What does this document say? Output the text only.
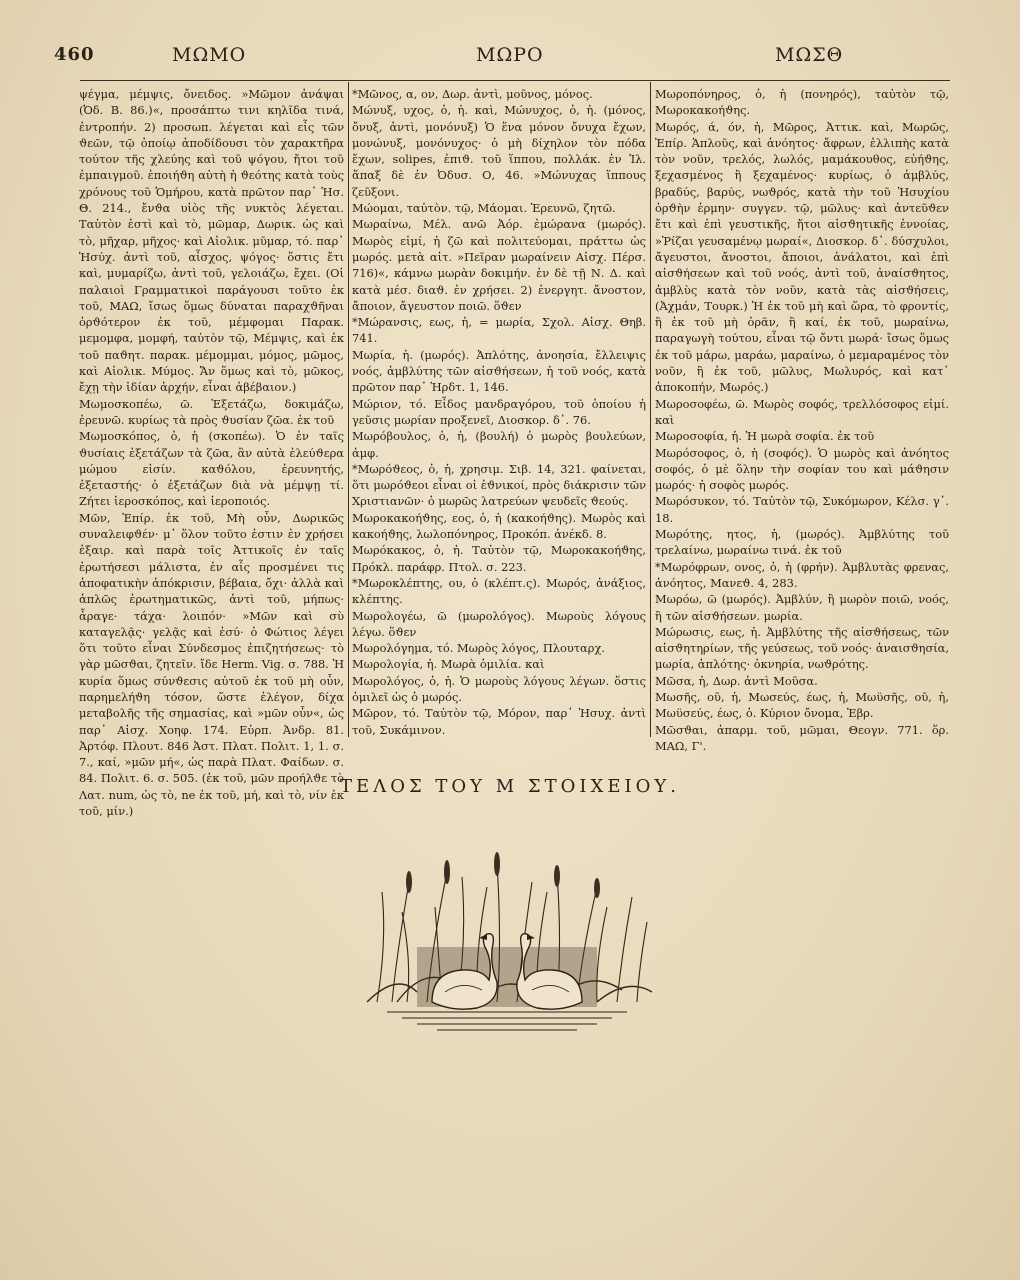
460	ΜΩΜΟ	ΜΩΡΟ	ΜΩΣΘ

ψέγμα, μέμψις, ὄνειδος. »Μῶμον ἀνάψαι (Ὀδ. Β. 86.)«, προσάπτω τινι κηλῖδα τινά, ἐντροπήν. 2) προσωπ. λέγεται καὶ εἷς τῶν ϑεῶν, τῷ ὁποίῳ ἀποδίδουσι τὸν χαρακτῆρα τούτον τῆς χλεύης καὶ τοῦ ψόγου, ἤτοι τοῦ ἐμπαιγμοῦ. ἐποιήϑη αὐτὴ ἡ ϑεότης κατὰ τοὺς χρόνους τοῦ Ὁμήρου, κατὰ πρῶτον παρ᾽ Ἡσ. Θ. 214., ἔνϑα υἱὸς τῆς νυκτὸς λέγεται. Ταὐτὸν ἐστὶ καὶ τὸ, μῶμαρ, Δωρικ. ὡς καὶ τὸ, μῆχαρ, μῆχος· καὶ Αἰολικ. μῦμαρ, τό. παρ᾽ Ἡσύχ. ἀντὶ τοῦ, αἶσχος, ψόγος· ὅστις ἔτι καὶ, μυμαρίζω, ἀντὶ τοῦ, γελοιάζω, ἔχει. (Οἱ παλαιοὶ Γραμματικοὶ παράγουσι τοῦτο ἐκ τοῦ, ΜΑΩ, ἴσως ὅμως δύναται παραχϑῆναι ὀρϑότερον ἐκ τοῦ, μέμφομαι Παρακ. μεμομφα, μομφή, ταὐτὸν τῷ, Μέμψις, καὶ ἐκ τοῦ παϑητ. παρακ. μέμομμαι, μόμος, μῶμος, καὶ Αἰολικ. Μύμος. Ἄν ὅμως καὶ τὸ, μῶκος, ἔχῃ τὴν ἰδίαν ἀρχήν, εἶναι ἀβέβαιον.)

Μωμοσκοπέω, ῶ. Ἐξετάζω, δοκιμάζω, ἐρευνῶ. κυρίως τὰ πρὸς ϑυσίαν ζῶα. ἐκ τοῦ

Μωμοσκόπος, ὁ, ἡ (σκοπέω). Ὁ ἐν ταῖς ϑυσίαις ἐξετάζων τὰ ζῶα, ἂν αὐτὰ ἐλεύϑερα μώμου εἰσίν. καϑόλου, ἐρευνητής, ἐξεταστής· ὁ ἐξετάζων διὰ νὰ μέμψῃ τί. Ζήτει ἱεροσκόπος, καὶ ἱεροποιός.

Μῶν, Ἐπίρ. ἐκ τοῦ, Μὴ οὖν, Δωρικῶς συναλειφϑέν· μ᾽ ὅλον τοῦτο ἐστιν ἐν χρήσει ἐξαιρ. καὶ παρὰ τοῖς Ἀττικοῖς ἐν ταῖς ἐρωτήσεσι μάλιστα, ἐν αἷς προσμένει τις ἀποφατικὴν ἀπόκρισιν, βέβαια, ὄχι· ἀλλὰ καὶ ἁπλῶς ἐρωτηματικῶς, ἀντὶ τοῦ, μήπως· ἆραγε· τάχα· λοιπόν· »Μῶν καὶ σὺ καταγελᾷς· γελᾷς καὶ ἐσύ· ὁ Φώτιος λέγει ὅτι τοῦτο εἶναι Σύνδεσμος ἐπιζητήσεως· τὸ γὰρ μῶσϑαι, ζητεῖν. ἴδε Herm. Vig. σ. 788. Ἡ κυρία ὅμως σύνϑεσις αὐτοῦ ἐκ τοῦ μὴ οὖν, παρημελήϑη τόσον, ὥστε ἐλέγον, δίχα μεταβολῆς τῆς σημασίας, καὶ »μῶν οὖν«, ὡς παρ᾽ Αἰσχ. Χοηφ. 174. Εὐρπ. Ἀνδρ. 81. Ἀρτόφ. Πλουτ. 846 Ἀστ. Πλατ. Πολιτ. 1, 1. σ. 7., καί, »μῶν μή«, ὡς παρὰ Πλατ. Φαίδων. σ. 84. Πολιτ. 6. σ. 505. (ἐκ τοῦ, μῶν προήλϑε τὸ Λατ. num, ὡς τὸ, ne ἐκ τοῦ, μή, καὶ τὸ, νίν ἐκ τοῦ, μίν.)

*Μῶνος, α, ον, Δωρ. ἀντὶ, μοῦνος, μόνος.

Μώνυξ, υχος, ὁ, ἡ. καὶ, Μώνυχος, ὁ, ἡ. (μόνος, ὄνυξ, ἀντὶ, μονόνυξ) Ὁ ἕνα μόνον ὄνυχα ἔχων, μονώνυξ, μονόνυχος· ὁ μὴ δίχηλον τὸν πόδα ἔχων, solipes, ἐπιϑ. τοῦ ἵππου, πολλάκ. ἐν Ἰλ. ἅπαξ δὲ ἐν Ὀδυσ. Ο, 46. »Μώνυχας ἵππους ζεῦξονι.

Μώομαι, ταὐτὸν. τῷ, Μάομαι. Ἐρευνῶ, ζητῶ.

Μωραίνω, Μέλ. ανῶ Ἀόρ. ἐμώρανα (μωρός). Μωρὸς εἰμί, ἡ ζῶ καὶ πολιτεύομαι, πράττω ὡς μωρός. μετὰ αἰτ. »Πεῖραν μωραίνειν Αἰσχ. Πέρσ. 716)«, κάμνω μωρὰν δοκιμήν. ἐν δὲ τῇ Ν. Δ. καὶ κατὰ μέσ. διαϑ. ἐν χρήσει. 2) ἐνεργητ. ἄνοστον, ἄποιον, ἄγευστον ποιῶ. ὅϑεν

*Μώρανσις, εως, ἡ, = μωρία, Σχολ. Αἰσχ. Θηβ. 741.

Μωρία, ἡ. (μωρός). Ἀπλότης, ἀνοησία, ἔλλειψις νοός, ἀμβλύτης τῶν αἰσϑήσεων, ἡ τοῦ νοός, κατὰ πρῶτον παρ᾽ Ἡρδτ. 1, 146.

Μώριον, τό. Εἶδος μανδραγόρου, τοῦ ὁποίου ἡ γεῦσις μωρίαν προξενεῖ, Διοσκορ. δ᾽. 76.

Μωρόβουλος, ὁ, ἡ, (βουλή) ὁ μωρὸς βουλεύων, ἀμφ.

*Μωρόϑεος, ὁ, ἡ, χρησιμ. Σιβ. 14, 321. φαίνεται, ὅτι μωρόϑεοι εἶναι οἱ ἐϑνικοί, πρὸς διάκρισιν τῶν Χριστιανῶν· ὁ μωρῶς λατρεύων ψευδεῖς ϑεούς.

Μωροκακοήϑης, εος, ὁ, ἡ (κακοήϑης). Μωρὸς καὶ κακοήϑης, λωλοπόνηρος, Προκόπ. ἀνέκδ. 8.

Μωρόκακος, ὁ, ἡ. Ταὐτὸν τῷ, Μωροκακοήϑης, Πρόκλ. παράφρ. Πτολ. σ. 223.

*Μωροκλέπτης, ου, ὁ (κλέπτ.ς). Μωρός, ἀνάξιος, κλέπτης.

Μωρολογέω, ῶ (μωρολόγος). Μωροὺς λόγους λέγω. ὅϑεν

Μωρολόγημα, τό. Μωρὸς λόγος, Πλουταρχ.

Μωρολογία, ἡ. Μωρὰ ὁμιλία. καὶ

Μωρολόγος, ὁ, ἡ. Ὁ μωροὺς λόγους λέγων. ὅστις ὁμιλεῖ ὡς ὁ μωρός.

Μῶρον, τό. Ταὐτὸν τῷ, Μόρον, παρ᾽ Ἡσυχ. ἀντὶ τοῦ, Συκάμινον.

Μωροπόνηρος, ὁ, ἡ (πονηρός), ταὐτὸν τῷ, Μωροκακοήϑης.

Μωρός, ά, όν, ἡ, Μῶρος, Ἀττικ. καὶ, Μωρῶς, Ἐπίρ. Ἁπλοῦς, καὶ ἀνόητος· ἄφρων, ἐλλιπὴς κατὰ τὸν νοῦν, τρελός, λωλός, μαμάκουθος, εὐήϑης, ξεχασμένος ἢ ξεχαμένος· κυρίως, ὁ ἀμβλύς, βραδύς, βαρύς, νωϑρός, κατὰ τὴν τοῦ Ἡσυχίου ὀρϑὴν ἑρμην· συγγεν. τῷ, μῶλυς· καὶ ἀντεῦϑεν ἔτι καὶ ἐπὶ γευστικῆς, ἤτοι αἰσϑητικῆς ἐννοίας, »Ῥίζαι γευσαμένῳ μωραί«, Διοσκορ. δ᾽. δύσχυλοι, ἄγευστοι, ἄνοστοι, ἄποιοι, ἀνάλατοι, καὶ ἐπὶ αἰσϑήσεων καὶ τοῦ νοός, ἀντὶ τοῦ, ἀναίσϑητος, ἀμβλὺς κατὰ τὸν νοῦν, κατὰ τὰς αἰσϑήσεις, (Ἀχμάν, Τουρκ.) Ἡ ἐκ τοῦ μὴ καὶ ὥρα, τὸ φροντίς, ἢ ἐκ τοῦ μὴ ὁρᾶν, ἢ καί, ἐκ τοῦ, μωραίνω, παραγωγὴ τούτου, εἶναι τῷ ὄντι μωρά· ἴσως ὅμως ἐκ τοῦ μάρω, μαράω, μαραίνω, ὁ μεμαραμένος τὸν νοῦν, ἢ ἐκ τοῦ, μῶλυς, Μωλυρός, καὶ κατ᾽ ἀποκοπήν, Μωρός.)

Μωροσοφέω, ῶ. Μωρὸς σοφός, τρελλόσοφος εἰμί. καὶ

Μωροσοφία, ἡ. Ἡ μωρὰ σοφία. ἐκ τοῦ

Μωρόσοφος, ὁ, ἡ (σοφός). Ὁ μωρὸς καὶ ἀνόητος σοφός, ὁ μὲ ὅλην τὴν σοφίαν του καὶ μάϑησιν μωρός· ἡ σοφὸς μωρός.

Μωρόσυκον, τό. Ταὐτὸν τῷ, Συκόμωρον, Κέλσ. γ᾽. 18.

Μωρότης, ητος, ἡ, (μωρός). Ἀμβλύτης τοῦ τρελαίνω, μωραίνω τινά. ἐκ τοῦ

*Μωρόφρων, ονος, ὁ, ἡ (φρήν). Ἀμβλυτὰς φρενας, ἀνόητος, Μανεϑ. 4, 283.

Μωρόω, ῶ (μωρός). Ἀμβλύν, ἢ μωρὸν ποιῶ, νοός, ἢ τῶν αἰσϑήσεων. μωρία.

Μώρωσις, εως, ἡ. Ἀμβλύτης τῆς αἰσϑήσεως, τῶν αἰσϑητηρίων, τῆς γεύσεως, τοῦ νοός· ἀναισϑησία, μωρία, ἀπλότης· ὀκνηρία, νωϑρότης.

Μῶσα, ἡ, Δωρ. ἀντὶ Μοῦσα.

Μωσῆς, οῦ, ἡ, Μωσεύς, έως, ἡ, Μωϋσῆς, οῦ, ἡ, Μωϋσεύς, έως, ὁ. Κύριον ὄνομα, Ἑβρ.

Μῶσϑαι, ἀπαρμ. τοῦ, μῶμαι, Θεογν. 771. ὅρ. ΜΑΩ, Γ'.

ΤΕΛΟΣ ΤΟΥ Μ ΣΤΟΙΧΕΙΟΥ.
